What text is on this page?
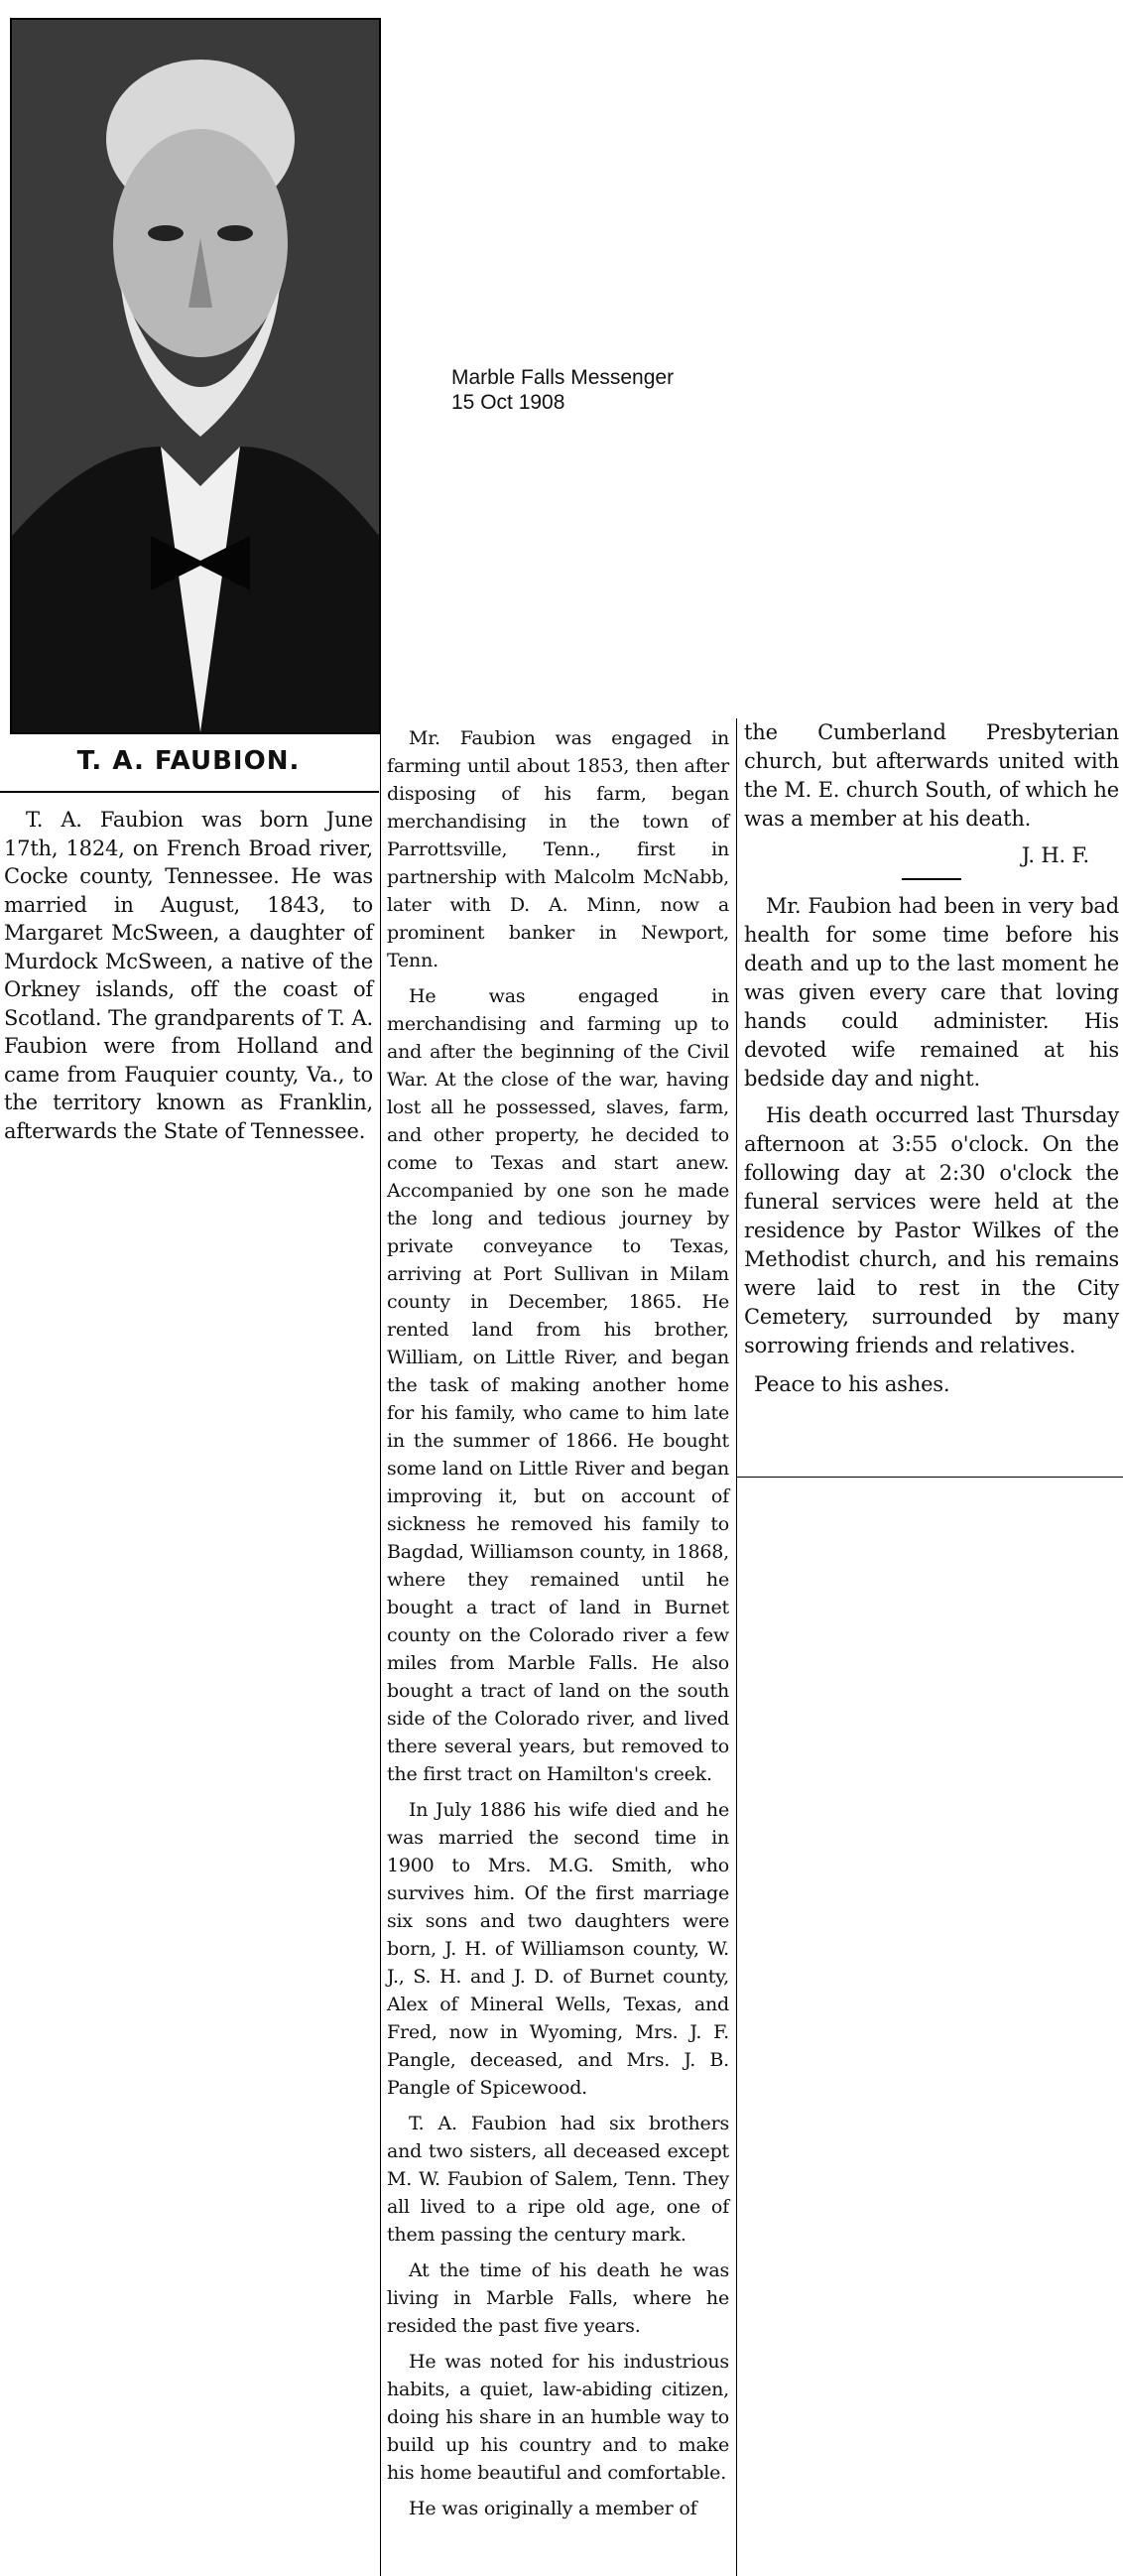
T. A. FAUBION.
Marble Falls Messenger
15 Oct 1908

T. A. Faubion was born June 17th, 1824, on French Broad river, Cocke county, Tennessee. He was married in August, 1843, to Margaret McSween, a daughter of Murdock McSween, a native of the Orkney islands, off the coast of Scotland. The grandparents of T. A. Faubion were from Holland and came from Fauquier county, Va., to the territory known as Franklin, afterwards the State of Tennessee.

Mr. Faubion was engaged in farming until about 1853, then after disposing of his farm, began merchandising in the town of Parrottsville, Tenn., first in partnership with Malcolm McNabb, later with D. A. Minn, now a prominent banker in Newport, Tenn.

He was engaged in merchandising and farming up to and after the beginning of the Civil War. At the close of the war, having lost all he possessed, slaves, farm, and other property, he decided to come to Texas and start anew. Accompanied by one son he made the long and tedious journey by private conveyance to Texas, arriving at Port Sullivan in Milam county in December, 1865. He rented land from his brother, William, on Little River, and began the task of making another home for his family, who came to him late in the summer of 1866. He bought some land on Little River and began improving it, but on account of sickness he removed his family to Bagdad, Williamson county, in 1868, where they remained until he bought a tract of land in Burnet county on the Colorado river a few miles from Marble Falls. He also bought a tract of land on the south side of the Colorado river, and lived there several years, but removed to the first tract on Hamilton's creek.

In July 1886 his wife died and he was married the second time in 1900 to Mrs. M.G. Smith, who survives him. Of the first marriage six sons and two daughters were born, J. H. of Williamson county, W. J., S. H. and J. D. of Burnet county, Alex of Mineral Wells, Texas, and Fred, now in Wyoming, Mrs. J. F. Pangle, deceased, and Mrs. J. B. Pangle of Spicewood.

T. A. Faubion had six brothers and two sisters, all deceased except M. W. Faubion of Salem, Tenn. They all lived to a ripe old age, one of them passing the century mark.

At the time of his death he was living in Marble Falls, where he resided the past five years.

He was noted for his industrious habits, a quiet, law-abiding citizen, doing his share in an humble way to build up his country and to make his home beautiful and comfortable.

He was originally a member of

the Cumberland Presbyterian church, but afterwards united with the M. E. church South, of which he was a member at his death.

J. H. F.

Mr. Faubion had been in very bad health for some time before his death and up to the last moment he was given every care that loving hands could administer. His devoted wife remained at his bedside day and night.

His death occurred last Thursday afternoon at 3:55 o'clock. On the following day at 2:30 o'clock the funeral services were held at the residence by Pastor Wilkes of the Methodist church, and his remains were laid to rest in the City Cemetery, surrounded by many sorrowing friends and relatives.

Peace to his ashes.
